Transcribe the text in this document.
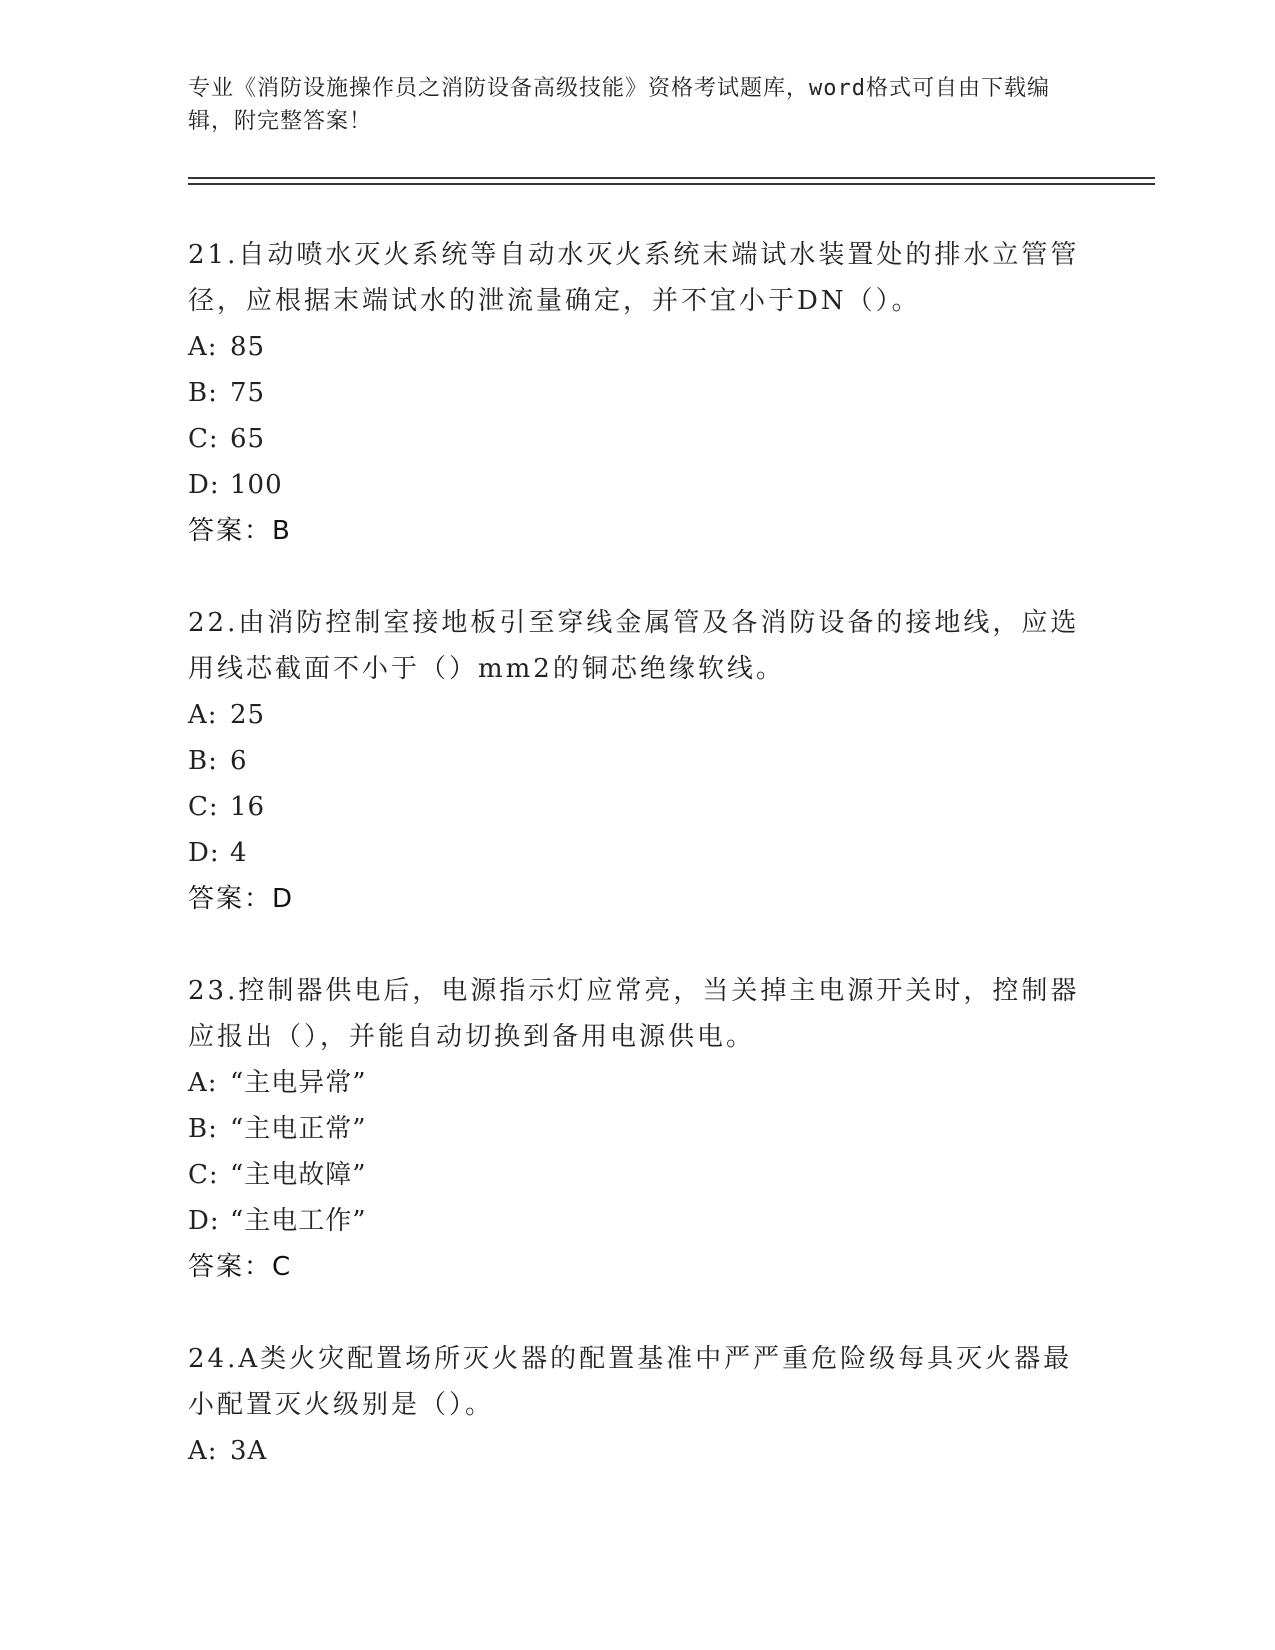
专业《消防设施操作员之消防设备高级技能》资格考试题库，word格式可自由下载编辑，附完整答案！

21.自动喷水灭火系统等自动水灭火系统末端试水装置处的排水立管管径，应根据末端试水的泄流量确定，并不宜小于DN（）。

A: 85
B: 75
C: 65
D: 100

答案：B

22.由消防控制室接地板引至穿线金属管及各消防设备的接地线，应选用线芯截面不小于（）mm2的铜芯绝缘软线。

A: 25
B: 6
C: 16
D: 4

答案：D

23.控制器供电后，电源指示灯应常亮，当关掉主电源开关时，控制器应报出（），并能自动切换到备用电源供电。

A: “主电异常”
B: “主电正常”
C: “主电故障”
D: “主电工作”

答案：C

24.A类火灾配置场所灭火器的配置基准中严严重危险级每具灭火器最小配置灭火级别是（）。

A: 3A
